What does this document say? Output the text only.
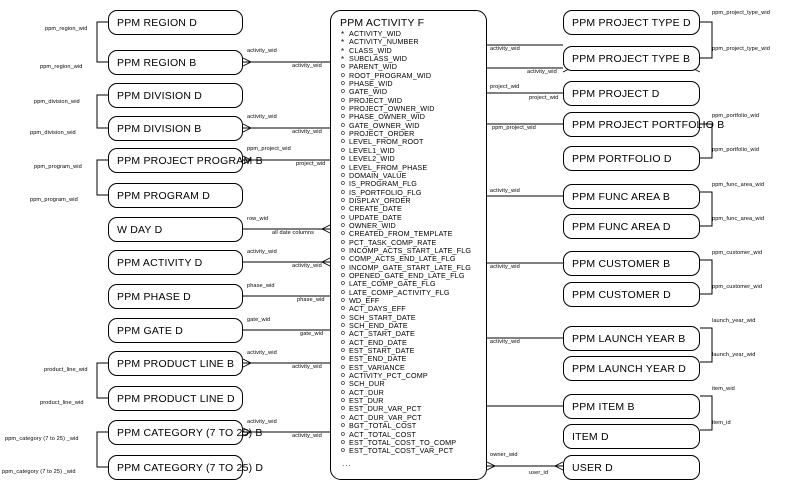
PPM REGION D
PPM REGION B
PPM DIVISION D
PPM DIVISION B
PPM PROJECT PROGRAM B
PPM PROGRAM D
W DAY D
PPM ACTIVITY D
PPM PHASE D
PPM GATE D
PPM PRODUCT LINE B
PPM PRODUCT LINE D
PPM CATEGORY (7 TO 25) B
PPM CATEGORY (7 TO 25) D
PPM ACTIVITY F
* ACTIVITY_WID
* ACTIVITY_NUMBER
* CLASS_WID
* SUBCLASS_WID
o PARENT_WID
o ROOT_PROGRAM_WID
o PHASE_WID
o GATE_WID
o PROJECT_WID
o PROJECT_OWNER_WID
o PHASE_OWNER_WID
o GATE_OWNER_WID
o PROJECT_ORDER
o LEVEL_FROM_ROOT
o LEVEL1_WID
o LEVEL2_WID
o LEVEL_FROM_PHASE
o DOMAIN_VALUE
o IS_PROGRAM_FLG
o IS_PORTFOLIO_FLG
o DISPLAY_ORDER
o CREATE_DATE
o UPDATE_DATE
o OWNER_WID
o CREATED_FROM_TEMPLATE
o PCT_TASK_COMP_RATE
o INCOMP_ACTS_START_LATE_FLG
o COMP_ACTS_END_LATE_FLG
o INCOMP_GATE_START_LATE_FLG
o OPENED_GATE_END_LATE_FLG
o LATE_COMP_GATE_FLG
o LATE_COMP_ACTIVITY_FLG
o WD_EFF
o ACT_DAYS_EFF
o SCH_START_DATE
o SCH_END_DATE
o ACT_START_DATE
o ACT_END_DATE
o EST_START_DATE
o EST_END_DATE
o EST_VARIANCE
o ACTIVITY_PCT_COMP
o SCH_DUR
o ACT_DUR
o EST_DUR
o EST_DUR_VAR_PCT
o ACT_DUR_VAR_PCT
o BGT_TOTAL_COST
o ACT_TOTAL_COST
o EST_TOTAL_COST_TO_COMP
o EST_TOTAL_COST_VAR_PCT
...
PPM PROJECT TYPE D
PPM PROJECT TYPE B
PPM PROJECT D
PPM PROJECT PORTFOLIO B
PPM PORTFOLIO D
PPM FUNC AREA B
PPM FUNC AREA D
PPM CUSTOMER B
PPM CUSTOMER D
PPM LAUNCH YEAR B
PPM LAUNCH YEAR D
PPM ITEM B
ITEM D
USER D
ppm_region_wid
ppm_region_wid
ppm_division_wid
ppm_division_wid
ppm_program_wid
ppm_program_wid
product_line_wid
product_line_wid
ppm_category (7 to 25) _wid
ppm_category (7 to 25) _wid
activity_wid
activity_wid
activity_wid
activity_wid
ppm_project_wid
project_wid
row_wid
all date columns
activity_wid
activity_wid
phase_wid
phase_wid
gate_wid
gate_wid
activity_wid
activity_wid
activity_wid
activity_wid
activity_wid
activity_wid
project_wid
project_wid
ppm_project_wid
activity_wid
activity_wid
activity_wid
owner_wid
user_id
ppm_project_type_wid
ppm_project_type_wid
ppm_portfolio_wid
ppm_portfolio_wid
ppm_func_area_wid
ppm_func_area_wid
ppm_customer_wid
ppm_customer_wid
launch_year_wid
launch_year_wid
item_wid
item_id
